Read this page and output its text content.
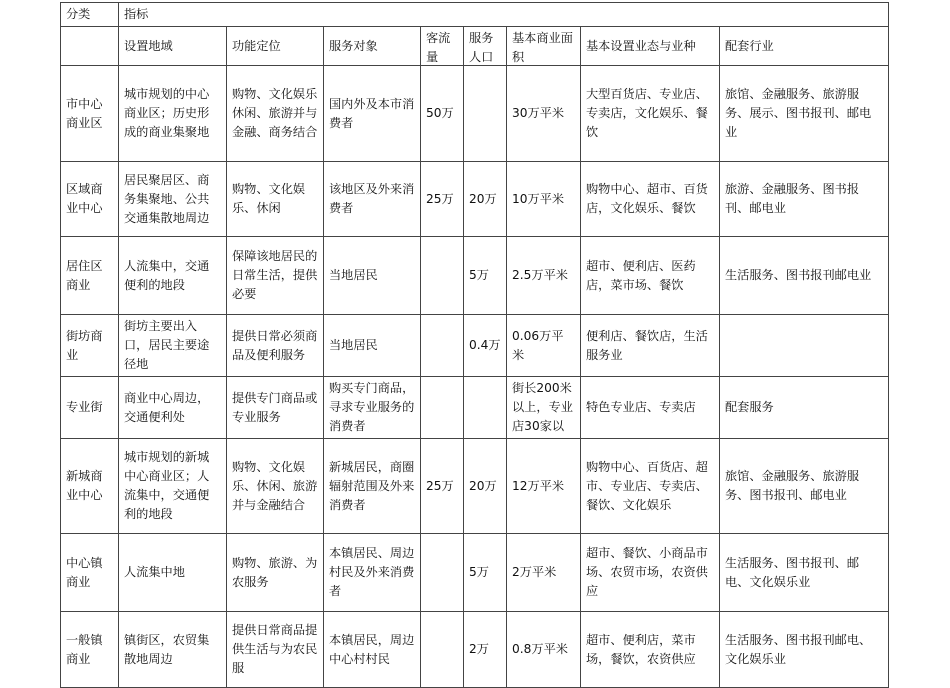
分类	指标							
	设置地域	功能定位	服务对象	客流量	服务人口	基本商业面积	基本设置业态与业种	配套行业
市中心商业区	城市规划的中心商业区；历史形成的商业集聚地	购物、文化娱乐休闲、旅游并与金融、商务结合	国内外及本市消费者	50万		30万平米	大型百货店、专业店、专卖店，文化娱乐、餐饮	旅馆、金融服务、旅游服务、展示、图书报刊、邮电业
区域商业中心	居民聚居区、商务集聚地、公共交通集散地周边	购物、文化娱乐、休闲	该地区及外来消费者	25万	20万	10万平米	购物中心、超市、百货店，文化娱乐、餐饮	旅游、金融服务、图书报刊、邮电业
居住区商业	人流集中，交通便利的地段	保障该地居民的日常生活，提供必要	当地居民		5万	2.5万平米	超市、便利店、医药店，菜市场、餐饮	生活服务、图书报刊邮电业
街坊商业	街坊主要出入口，居民主要途径地	提供日常必须商品及便利服务	当地居民		0.4万	0.06万平米	便利店、餐饮店，生活服务业	
专业街	商业中心周边，交通便利处	提供专门商品或专业服务	购买专门商品，寻求专业服务的消费者			街长200米以上，专业店30家以	特色专业店、专卖店	配套服务
新城商业中心	城市规划的新城中心商业区；人流集中，交通便利的地段	购物、文化娱乐、休闲、旅游并与金融结合	新城居民，商圈辐射范围及外来消费者	25万	20万	12万平米	购物中心、百货店、超市、专业店、专卖店、餐饮、文化娱乐	旅馆、金融服务、旅游服务、图书报刊、邮电业
中心镇商业	人流集中地	购物、旅游、为农服务	本镇居民、周边村民及外来消费者		5万	2万平米	超市、餐饮、小商品市场、农贸市场，农资供应	生活服务、图书报刊、邮电、文化娱乐业
一般镇商业	镇街区，农贸集散地周边	提供日常商品提供生活与为农民服	本镇居民，周边中心村村民		2万	0.8万平米	超市、便利店，菜市场，餐饮，农资供应	生活服务、图书报刊邮电、文化娱乐业
